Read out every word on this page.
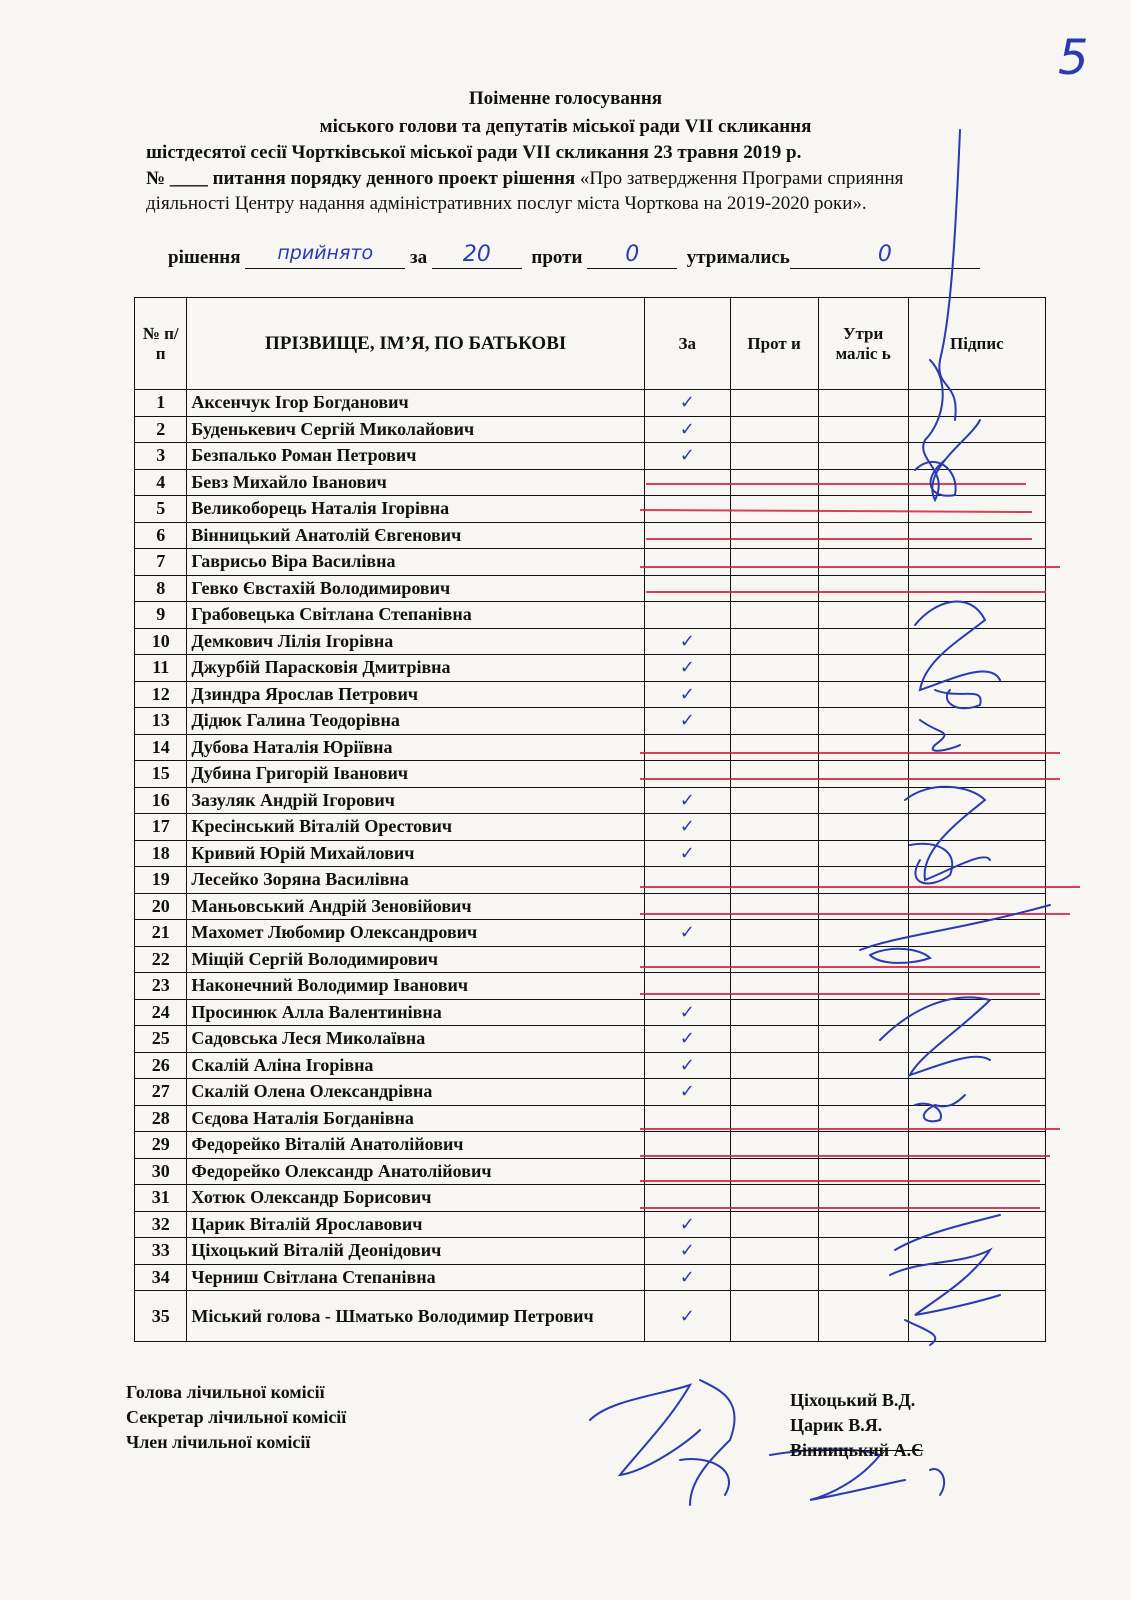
5
Поіменне голосування
міського голови та депутатів міської ради VII скликання
шістдесятої сесії Чортківської міської ради VII скликання 23 травня 2019 р.
№ ____ питання порядку денного проект рішення «Про затвердження Програми сприяння
діяльності Центру надання адміністративних послуг міста Чорткова на 2019-2020 роки».
рішення прийнято за 20 проти 0	утримались	0
№ п/п	ПРІЗВИЩЕ, ІМ’Я, ПО БАТЬКОВІ	За	Прот и	Утри маліс ь	Підпис
1	Аксенчук Ігор Богданович	✓			
2	Буденькевич Сергій Миколайович	✓			
3	Безпалько Роман Петрович	✓			
4	Бевз Михайло Іванович				
5	Великоборець Наталія Ігорівна				
6	Вінницький Анатолій Євгенович				
7	Гаврисьо Віра Василівна				
8	Гевко Євстахій Володимирович				
9	Грабовецька Світлана Степанівна				
10	Демкович Лілія Ігорівна	✓			
11	Джурбій Парасковія Дмитрівна	✓			
12	Дзиндра Ярослав Петрович	✓			
13	Дідюк Галина Теодорівна	✓			
14	Дубова Наталія Юріївна				
15	Дубина Григорій Іванович				
16	Зазуляк Андрій Ігорович	✓			
17	Кресінський Віталій Орестович	✓			
18	Кривий Юрій Михайлович	✓			
19	Лесейко Зоряна Василівна				
20	Маньовський Андрій Зеновійович				
21	Махомет Любомир Олександрович	✓			
22	Міщій Сергій Володимирович				
23	Наконечний Володимир Іванович				
24	Просинюк Алла Валентинівна	✓			
25	Садовська Леся Миколаївна	✓			
26	Скалій Аліна Ігорівна	✓			
27	Скалій Олена Олександрівна	✓			
28	Сєдова Наталія Богданівна				
29	Федорейко Віталій Анатолійович				
30	Федорейко Олександр Анатолійович				
31	Хотюк Олександр Борисович				
32	Царик Віталій Ярославович	✓			
33	Ціхоцький Віталій Деонідович	✓			
34	Черниш Світлана Степанівна	✓			
35	Міський голова - Шматько Володимир Петрович	✓			
Голова лічильної комісії
Секретар лічильної комісії
Член лічильної комісії
Ціхоцький В.Д.
Царик В.Я.
Вінницький А.Є
